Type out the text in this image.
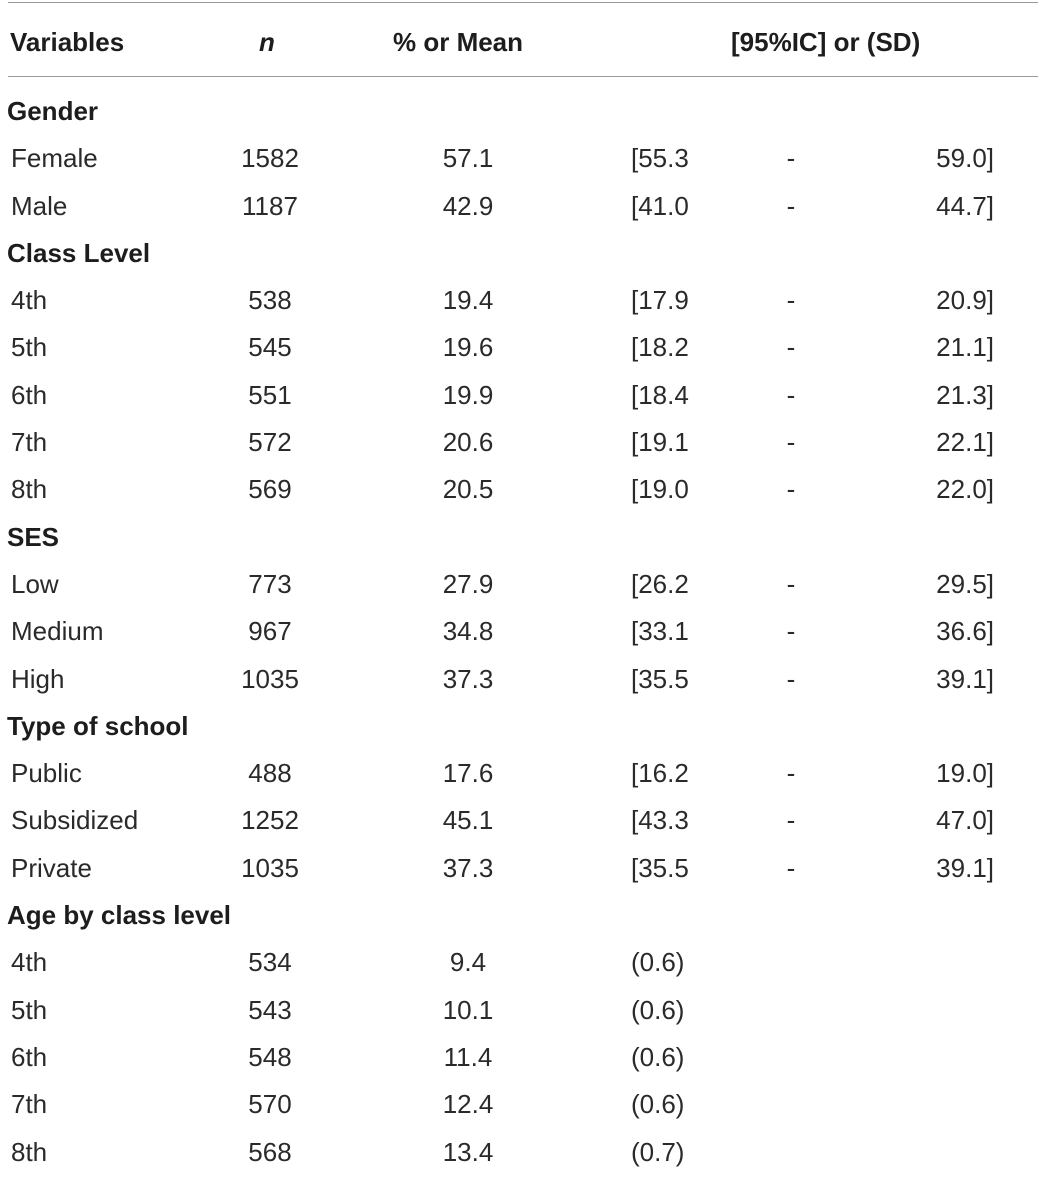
Variables	n	% or Mean	[95%IC] or (SD)
Gender
Female	1582	57.1	[55.3	-	59.0]
Male	1187	42.9	[41.0	-	44.7]
Class Level
4th	538	19.4	[17.9	-	20.9]
5th	545	19.6	[18.2	-	21.1]
6th	551	19.9	[18.4	-	21.3]
7th	572	20.6	[19.1	-	22.1]
8th	569	20.5	[19.0	-	22.0]
SES
Low	773	27.9	[26.2	-	29.5]
Medium	967	34.8	[33.1	-	36.6]
High	1035	37.3	[35.5	-	39.1]
Type of school
Public	488	17.6	[16.2	-	19.0]
Subsidized	1252	45.1	[43.3	-	47.0]
Private	1035	37.3	[35.5	-	39.1]
Age by class level
4th	534	9.4	(0.6)
5th	543	10.1	(0.6)
6th	548	11.4	(0.6)
7th	570	12.4	(0.6)
8th	568	13.4	(0.7)
